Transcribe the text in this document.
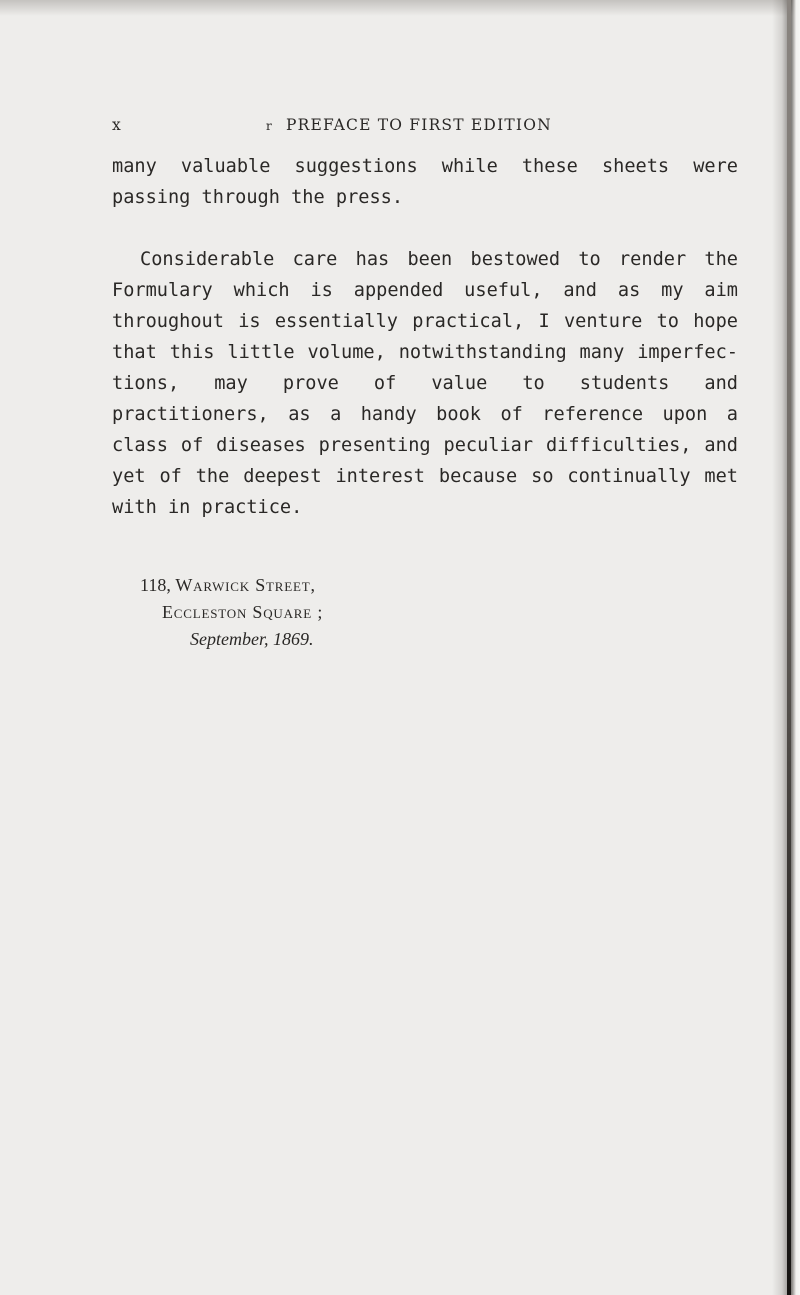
x	r PREFACE TO FIRST EDITION

many valuable suggestions while these sheets were passing through the press.

Considerable care has been bestowed to render the Formulary which is appended useful, and as my aim throughout is essentially practical, I venture to hope that this little volume, notwithstanding many imperfec-tions, may prove of value to students and practitioners, as a handy book of reference upon a class of diseases presenting peculiar difficulties, and yet of the deepest interest because so continually met with in practice.

118, Warwick Street,
Eccleston Square ;
September, 1869.
